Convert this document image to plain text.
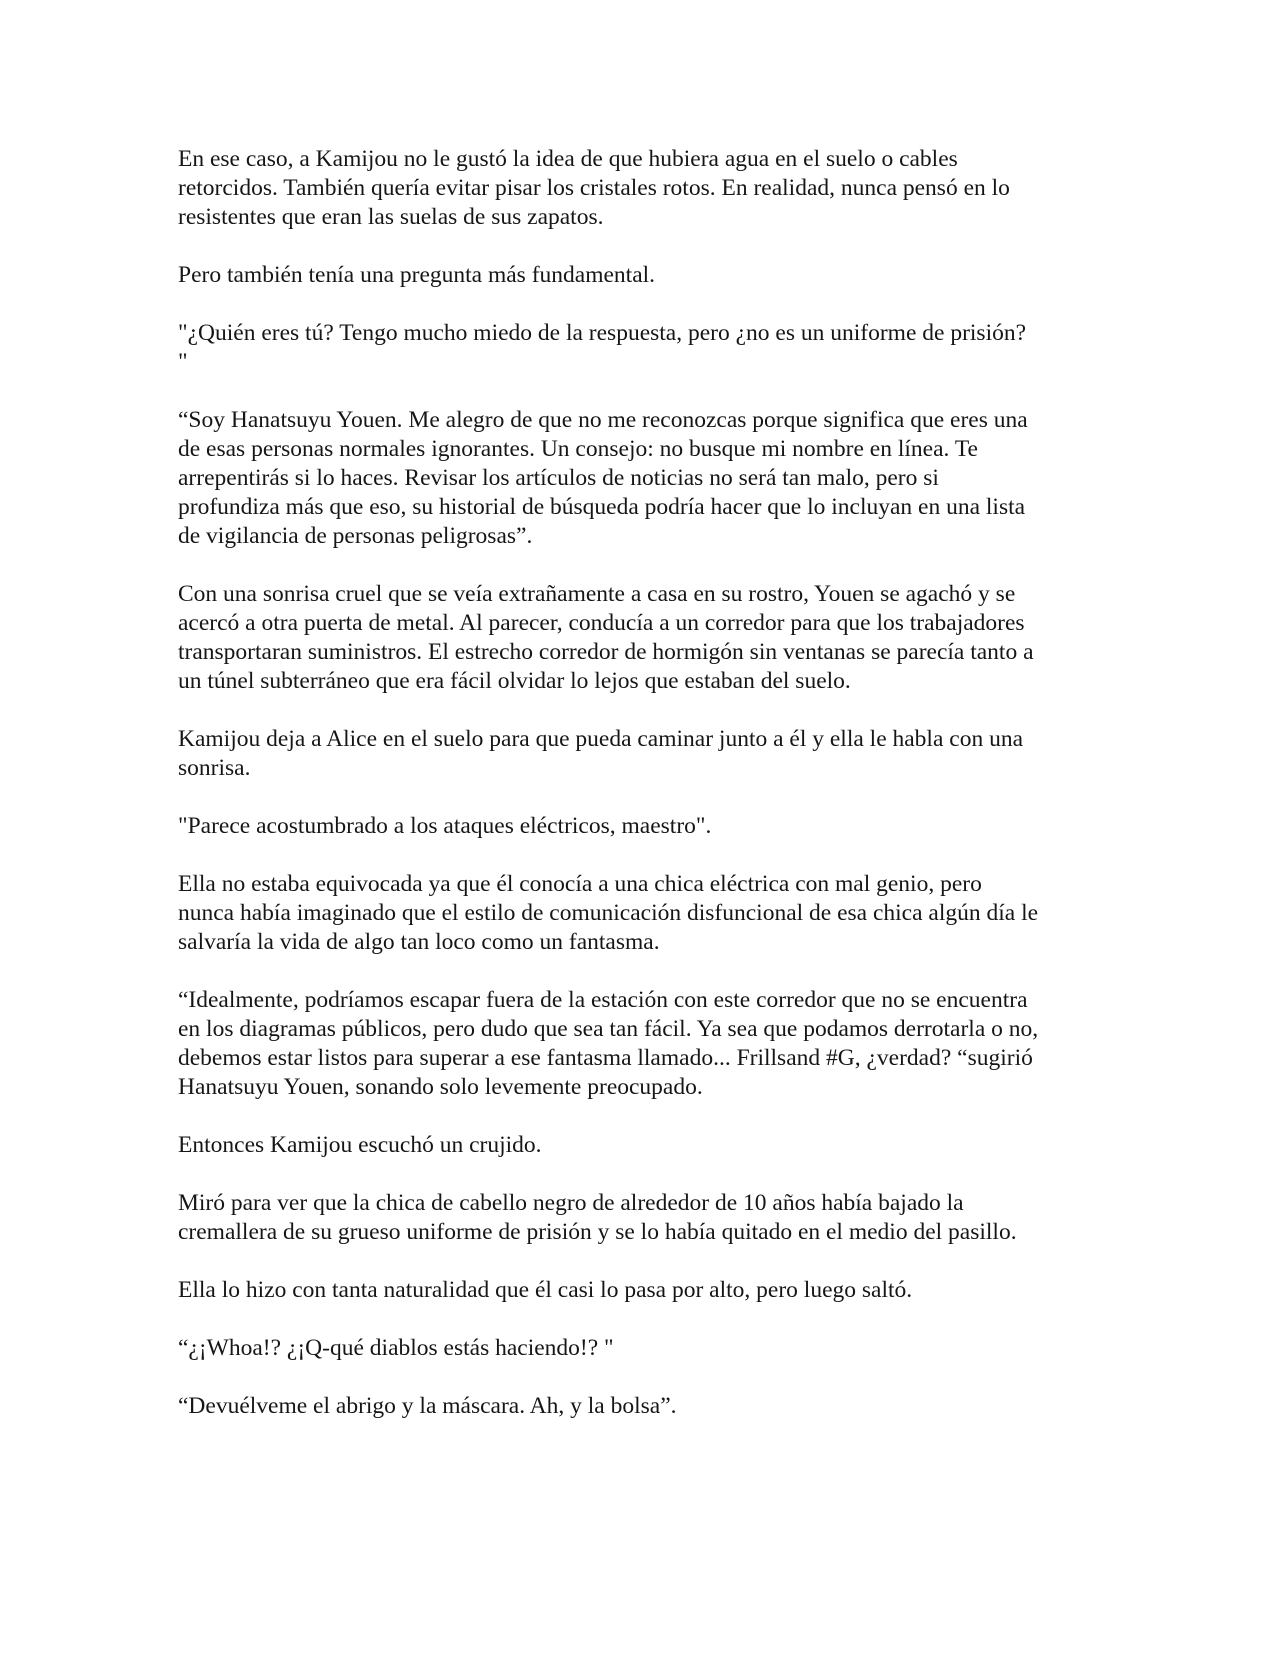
En ese caso, a Kamijou no le gustó la idea de que hubiera agua en el suelo o cables
retorcidos. También quería evitar pisar los cristales rotos. En realidad, nunca pensó en lo
resistentes que eran las suelas de sus zapatos.

Pero también tenía una pregunta más fundamental.

"¿Quién eres tú? Tengo mucho miedo de la respuesta, pero ¿no es un uniforme de prisión?
"

“Soy Hanatsuyu Youen. Me alegro de que no me reconozcas porque significa que eres una
de esas personas normales ignorantes. Un consejo: no busque mi nombre en línea. Te
arrepentirás si lo haces. Revisar los artículos de noticias no será tan malo, pero si
profundiza más que eso, su historial de búsqueda podría hacer que lo incluyan en una lista
de vigilancia de personas peligrosas”.

Con una sonrisa cruel que se veía extrañamente a casa en su rostro, Youen se agachó y se
acercó a otra puerta de metal. Al parecer, conducía a un corredor para que los trabajadores
transportaran suministros. El estrecho corredor de hormigón sin ventanas se parecía tanto a
un túnel subterráneo que era fácil olvidar lo lejos que estaban del suelo.

Kamijou deja a Alice en el suelo para que pueda caminar junto a él y ella le habla con una
sonrisa.

"Parece acostumbrado a los ataques eléctricos, maestro".

Ella no estaba equivocada ya que él conocía a una chica eléctrica con mal genio, pero
nunca había imaginado que el estilo de comunicación disfuncional de esa chica algún día le
salvaría la vida de algo tan loco como un fantasma.

“Idealmente, podríamos escapar fuera de la estación con este corredor que no se encuentra
en los diagramas públicos, pero dudo que sea tan fácil. Ya sea que podamos derrotarla o no,
debemos estar listos para superar a ese fantasma llamado... Frillsand #G, ¿verdad? “sugirió
Hanatsuyu Youen, sonando solo levemente preocupado.

Entonces Kamijou escuchó un crujido.

Miró para ver que la chica de cabello negro de alrededor de 10 años había bajado la
cremallera de su grueso uniforme de prisión y se lo había quitado en el medio del pasillo.

Ella lo hizo con tanta naturalidad que él casi lo pasa por alto, pero luego saltó.

“¿¡Whoa!? ¿¡Q-qué diablos estás haciendo!? "

“Devuélveme el abrigo y la máscara. Ah, y la bolsa”.
